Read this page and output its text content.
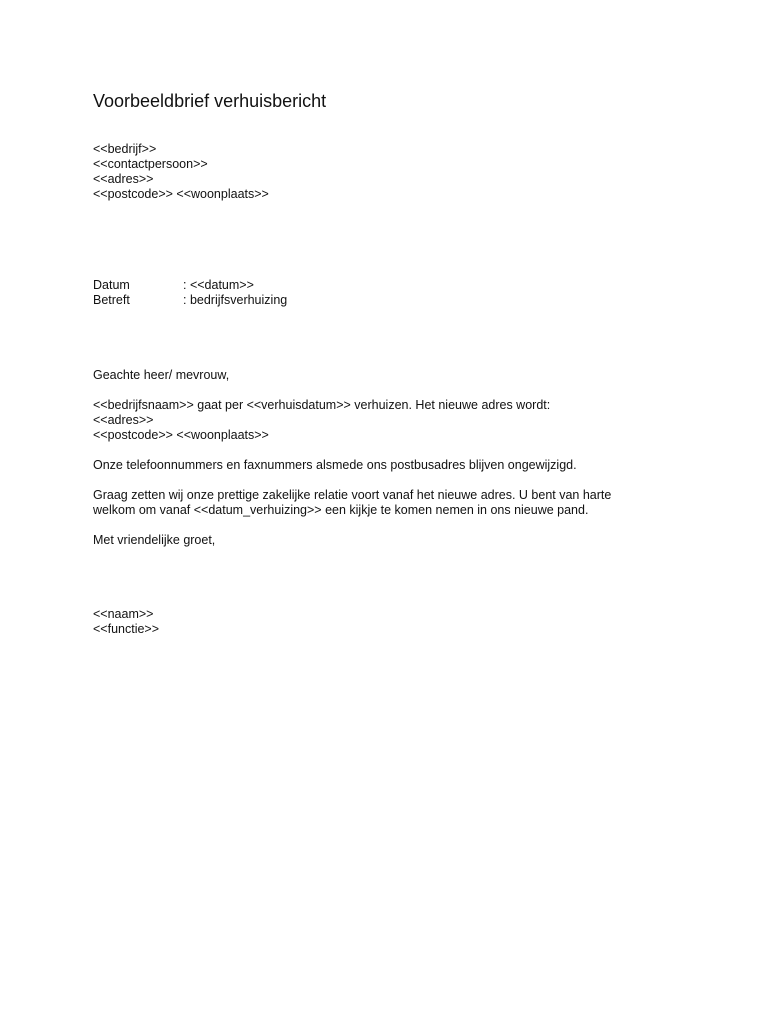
Voorbeeldbrief verhuisbericht
<<bedrijf>>
<<contactpersoon>>
<<adres>>
<<postcode>> <<woonplaats>>
Datum	: <<datum>>
Betreft	: bedrijfsverhuizing
Geachte heer/ mevrouw,
<<bedrijfsnaam>> gaat per <<verhuisdatum>> verhuizen. Het nieuwe adres wordt:
<<adres>>
<<postcode>> <<woonplaats>>
Onze telefoonnummers en faxnummers alsmede ons postbusadres blijven ongewijzigd.
Graag zetten wij onze prettige zakelijke relatie voort vanaf het nieuwe adres. U bent van harte
welkom om vanaf <<datum_verhuizing>> een kijkje te komen nemen in ons nieuwe pand.
Met vriendelijke groet,
<<naam>>
<<functie>>
